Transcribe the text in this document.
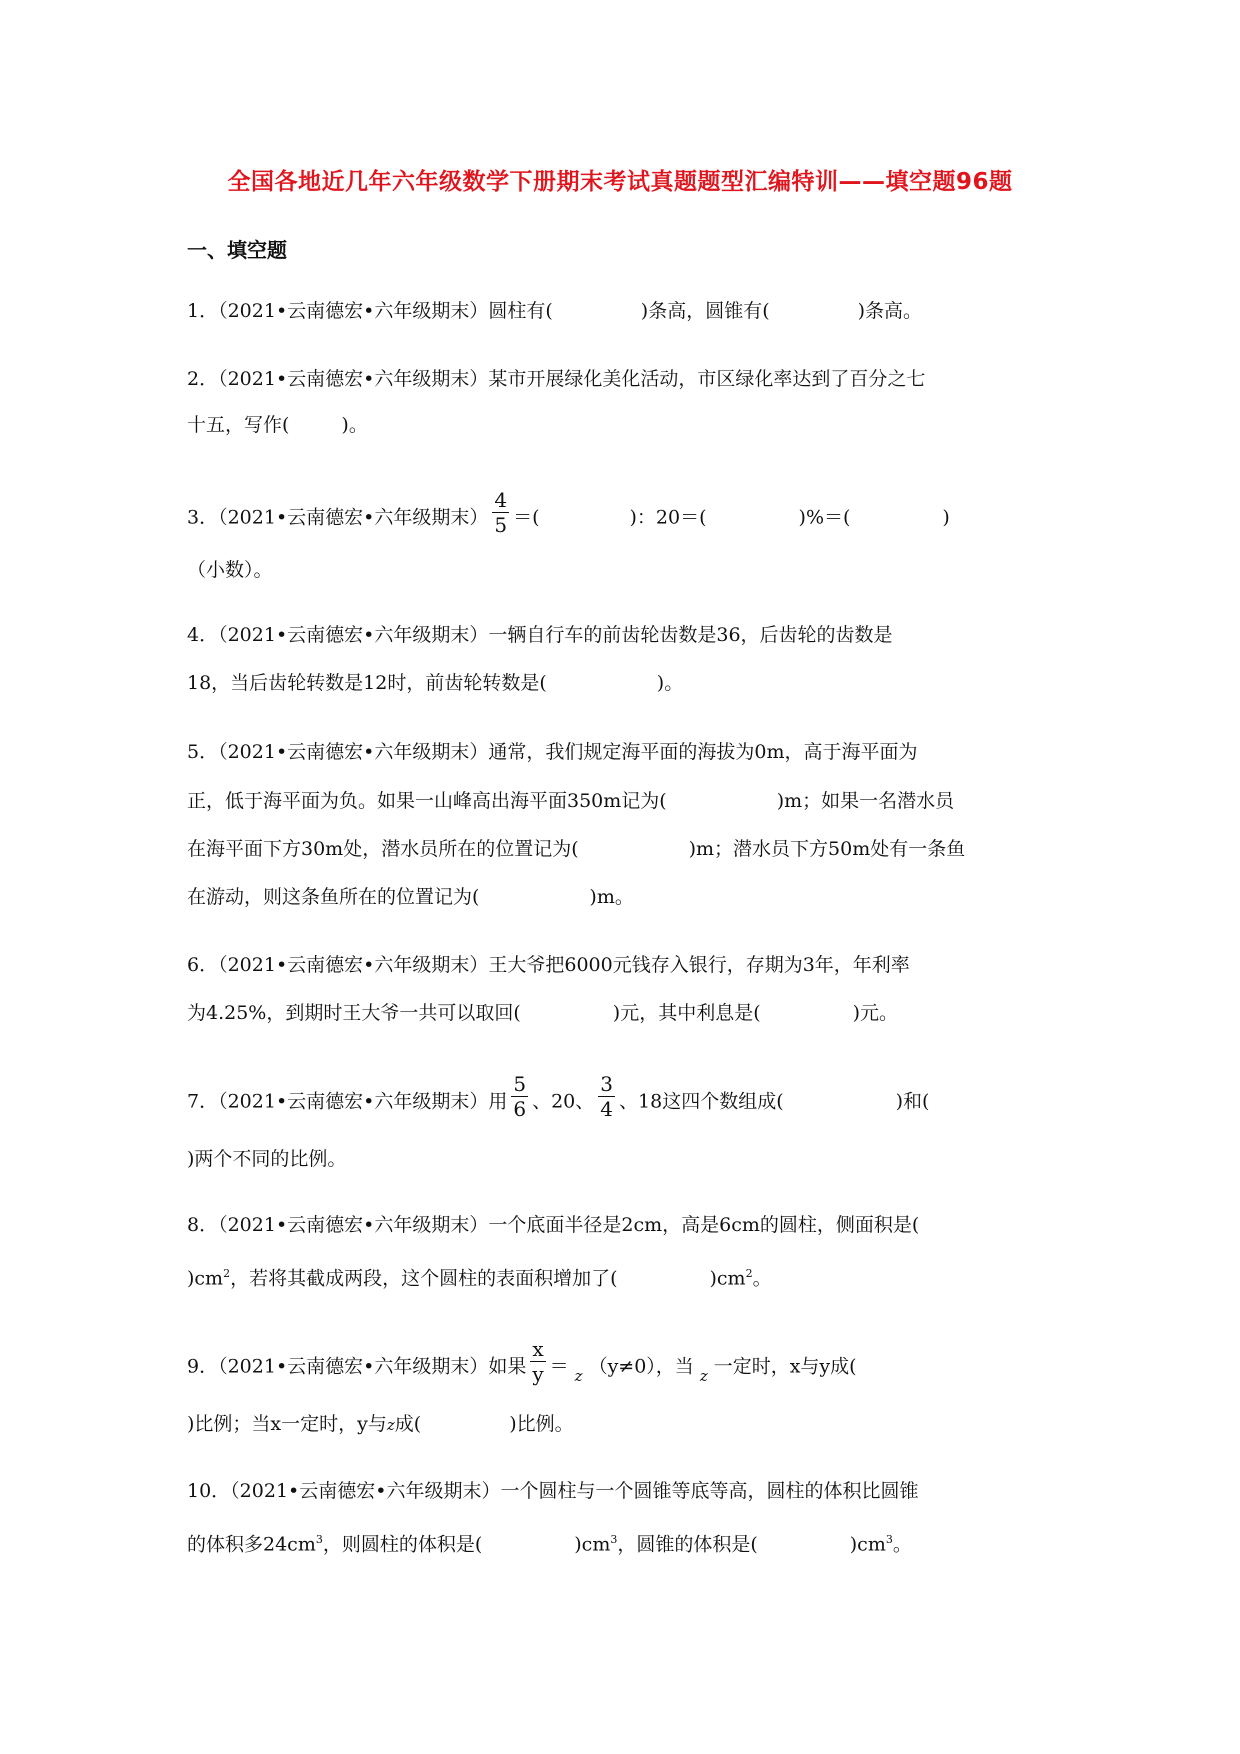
全国各地近几年六年级数学下册期末考试真题题型汇编特训——填空题96题
一、填空题
1．（2021•云南德宏•六年级期末）圆柱有(	)条高，圆锥有(	)条高。
2．（2021•云南德宏•六年级期末）某市开展绿化美化活动，市区绿化率达到了百分之七
十五，写作(	)。
3．（2021•云南德宏•六年级期末） $\frac{4}{5}$ ＝(	)：20＝(	)%＝(	)
（小数）。
4．（2021•云南德宏•六年级期末）一辆自行车的前齿轮齿数是36，后齿轮的齿数是
18，当后齿轮转数是12时，前齿轮转数是(	)。
5．（2021•云南德宏•六年级期末）通常，我们规定海平面的海拔为0m，高于海平面为
正，低于海平面为负。如果一山峰高出海平面350m记为(	)m；如果一名潜水员
在海平面下方30m处，潜水员所在的位置记为(	)m；潜水员下方50m处有一条鱼
在游动，则这条鱼所在的位置记为(	)m。
6．（2021•云南德宏•六年级期末）王大爷把6000元钱存入银行，存期为3年，年利率
为4.25%，到期时王大爷一共可以取回(	)元，其中利息是(	)元。
7．（2021•云南德宏•六年级期末）用 $\frac{5}{6}$ 、20、 $\frac{3}{4}$ 、18这四个数组成(	)和(
)两个不同的比例。
8．（2021•云南德宏•六年级期末）一个底面半径是2cm，高是6cm的圆柱，侧面积是(
)$cm^2$，若将其截成两段，这个圆柱的表面积增加了(	)$cm^2$。
9．（2021•云南德宏•六年级期末）如果 $\frac{x}{y} = _z$ （y≠0），当 $_z$ 一定时，x与y成(
)比例；当x一定时，y与z成(	)比例。
10．（2021•云南德宏•六年级期末）一个圆柱与一个圆锥等底等高，圆柱的体积比圆锥
的体积多$24cm^3$，则圆柱的体积是(	)$cm^3$，圆锥的体积是(	)$cm^3$。
